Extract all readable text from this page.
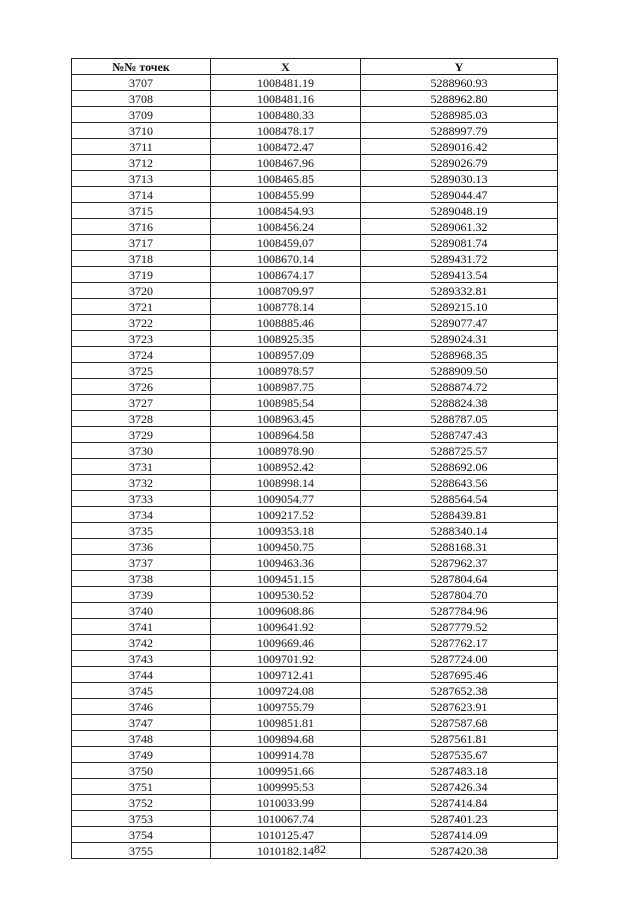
№№ точек	X	Y
3707	1008481.19	5288960.93
3708	1008481.16	5288962.80
3709	1008480.33	5288985.03
3710	1008478.17	5288997.79
3711	1008472.47	5289016.42
3712	1008467.96	5289026.79
3713	1008465.85	5289030.13
3714	1008455.99	5289044.47
3715	1008454.93	5289048.19
3716	1008456.24	5289061.32
3717	1008459.07	5289081.74
3718	1008670.14	5289431.72
3719	1008674.17	5289413.54
3720	1008709.97	5289332.81
3721	1008778.14	5289215.10
3722	1008885.46	5289077.47
3723	1008925.35	5289024.31
3724	1008957.09	5288968.35
3725	1008978.57	5288909.50
3726	1008987.75	5288874.72
3727	1008985.54	5288824.38
3728	1008963.45	5288787.05
3729	1008964.58	5288747.43
3730	1008978.90	5288725.57
3731	1008952.42	5288692.06
3732	1008998.14	5288643.56
3733	1009054.77	5288564.54
3734	1009217.52	5288439.81
3735	1009353.18	5288340.14
3736	1009450.75	5288168.31
3737	1009463.36	5287962.37
3738	1009451.15	5287804.64
3739	1009530.52	5287804.70
3740	1009608.86	5287784.96
3741	1009641.92	5287779.52
3742	1009669.46	5287762.17
3743	1009701.92	5287724.00
3744	1009712.41	5287695.46
3745	1009724.08	5287652.38
3746	1009755.79	5287623.91
3747	1009851.81	5287587.68
3748	1009894.68	5287561.81
3749	1009914.78	5287535.67
3750	1009951.66	5287483.18
3751	1009995.53	5287426.34
3752	1010033.99	5287414.84
3753	1010067.74	5287401.23
3754	1010125.47	5287414.09
3755	1010182.14	5287420.38
82
